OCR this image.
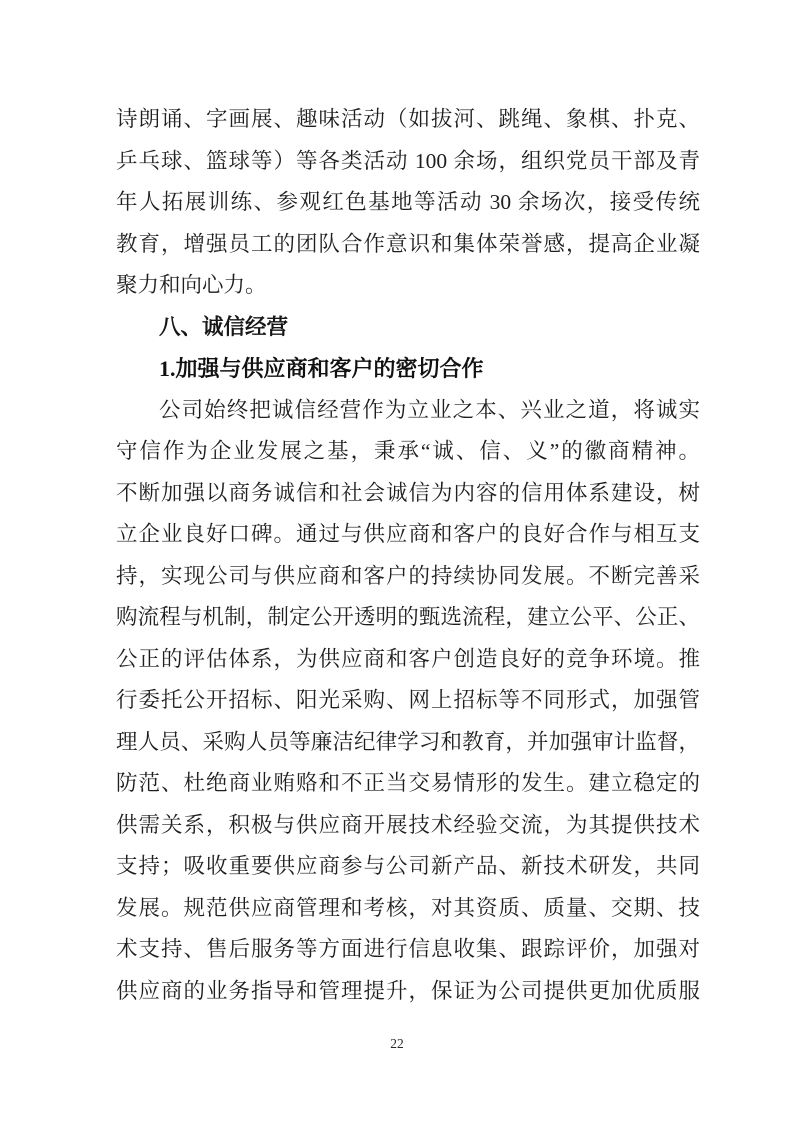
诗朗诵、字画展、趣味活动（如拔河、跳绳、象棋、扑克、
乒乓球、篮球等）等各类活动 100 余场，组织党员干部及青
年人拓展训练、参观红色基地等活动 30 余场次，接受传统
教育，增强员工的团队合作意识和集体荣誉感，提高企业凝
聚力和向心力。
八、诚信经营
1.加强与供应商和客户的密切合作
公司始终把诚信经营作为立业之本、兴业之道，将诚实
守信作为企业发展之基，秉承“诚、信、义”的徽商精神。
不断加强以商务诚信和社会诚信为内容的信用体系建设，树
立企业良好口碑。通过与供应商和客户的良好合作与相互支
持，实现公司与供应商和客户的持续协同发展。不断完善采
购流程与机制，制定公开透明的甄选流程，建立公平、公正、
公正的评估体系，为供应商和客户创造良好的竞争环境。推
行委托公开招标、阳光采购、网上招标等不同形式，加强管
理人员、采购人员等廉洁纪律学习和教育，并加强审计监督，
防范、杜绝商业贿赂和不正当交易情形的发生。建立稳定的
供需关系，积极与供应商开展技术经验交流，为其提供技术
支持；吸收重要供应商参与公司新产品、新技术研发，共同
发展。规范供应商管理和考核，对其资质、质量、交期、技
术支持、售后服务等方面进行信息收集、跟踪评价，加强对
供应商的业务指导和管理提升，保证为公司提供更加优质服
22
